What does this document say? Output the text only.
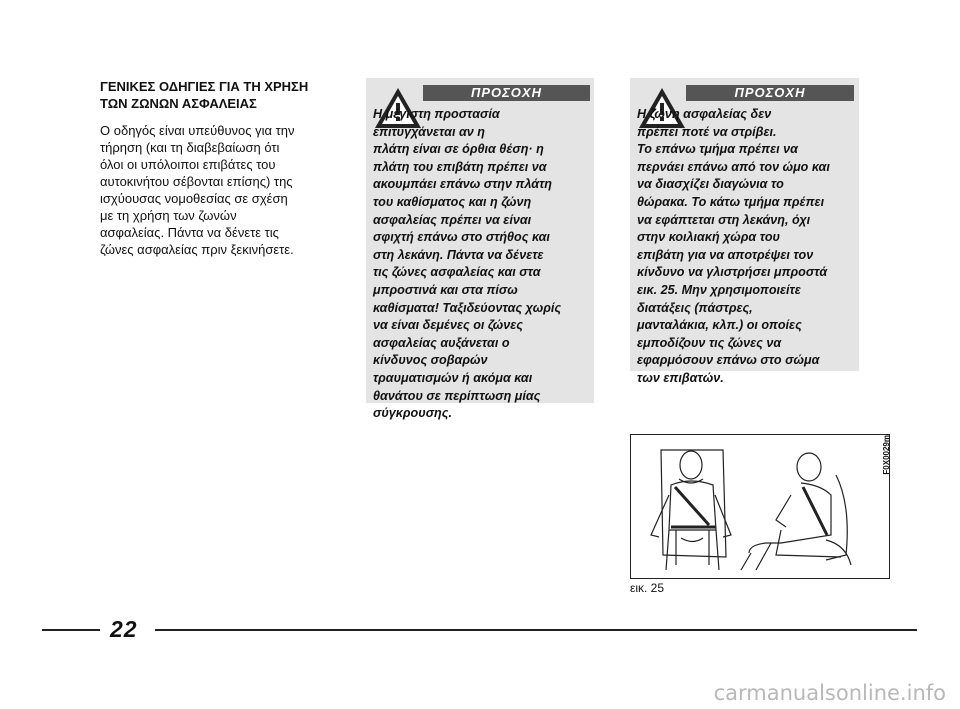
ΓΕΝΙΚΕΣ ΟΔΗΓΙΕΣ ΓΙΑ ΤΗ ΧΡΗΣΗ
ΤΩΝ ΖΩΝΩΝ ΑΣΦΑΛΕΙΑΣ

Ο οδηγός είναι υπεύθυνος για την
τήρηση (και τη διαβεβαίωση ότι
όλοι οι υπόλοιποι επιβάτες του
αυτοκινήτου σέβονται επίσης) της
ισχύουσας νομοθεσίας σε σχέση
με τη χρήση των ζωνών
ασφαλείας. Πάντα να δένετε τις
ζώνες ασφαλείας πριν ξεκινήσετε.

ΠΡΟΣΟΧΗ
Η μέγιστη προστασία
επιτυγχάνεται αν η
πλάτη είναι σε όρθια θέση· η
πλάτη του επιβάτη πρέπει να
ακουμπάει επάνω στην πλάτη
του καθίσματος και η ζώνη
ασφαλείας πρέπει να είναι
σφιχτή επάνω στο στήθος και
στη λεκάνη. Πάντα να δένετε
τις ζώνες ασφαλείας και στα
μπροστινά και στα πίσω
καθίσματα! Ταξιδεύοντας χωρίς
να είναι δεμένες οι ζώνες
ασφαλείας αυξάνεται ο
κίνδυνος σοβαρών
τραυματισμών ή ακόμα και
θανάτου σε περίπτωση μίας
σύγκρουσης.
ΠΡΟΣΟΧΗ
Η ζώνη ασφαλείας δεν
πρέπει ποτέ να στρίβει.
Το επάνω τμήμα πρέπει να
περνάει επάνω από τον ώμο και
να διασχίζει διαγώνια το
θώρακα. Το κάτω τμήμα πρέπει
να εφάπτεται στη λεκάνη, όχι
στην κοιλιακή χώρα του
επιβάτη για να αποτρέψει τον
κίνδυνο να γλιστρήσει μπροστά
εικ. 25. Μην χρησιμοποιείτε
διατάξεις (πάστρες,
μανταλάκια, κλπ.) οι οποίες
εμποδίζουν τις ζώνες να
εφαρμόσουν επάνω στο σώμα
των επιβατών.
F0X0029m
εικ. 25
22
carmanualsonline.info
